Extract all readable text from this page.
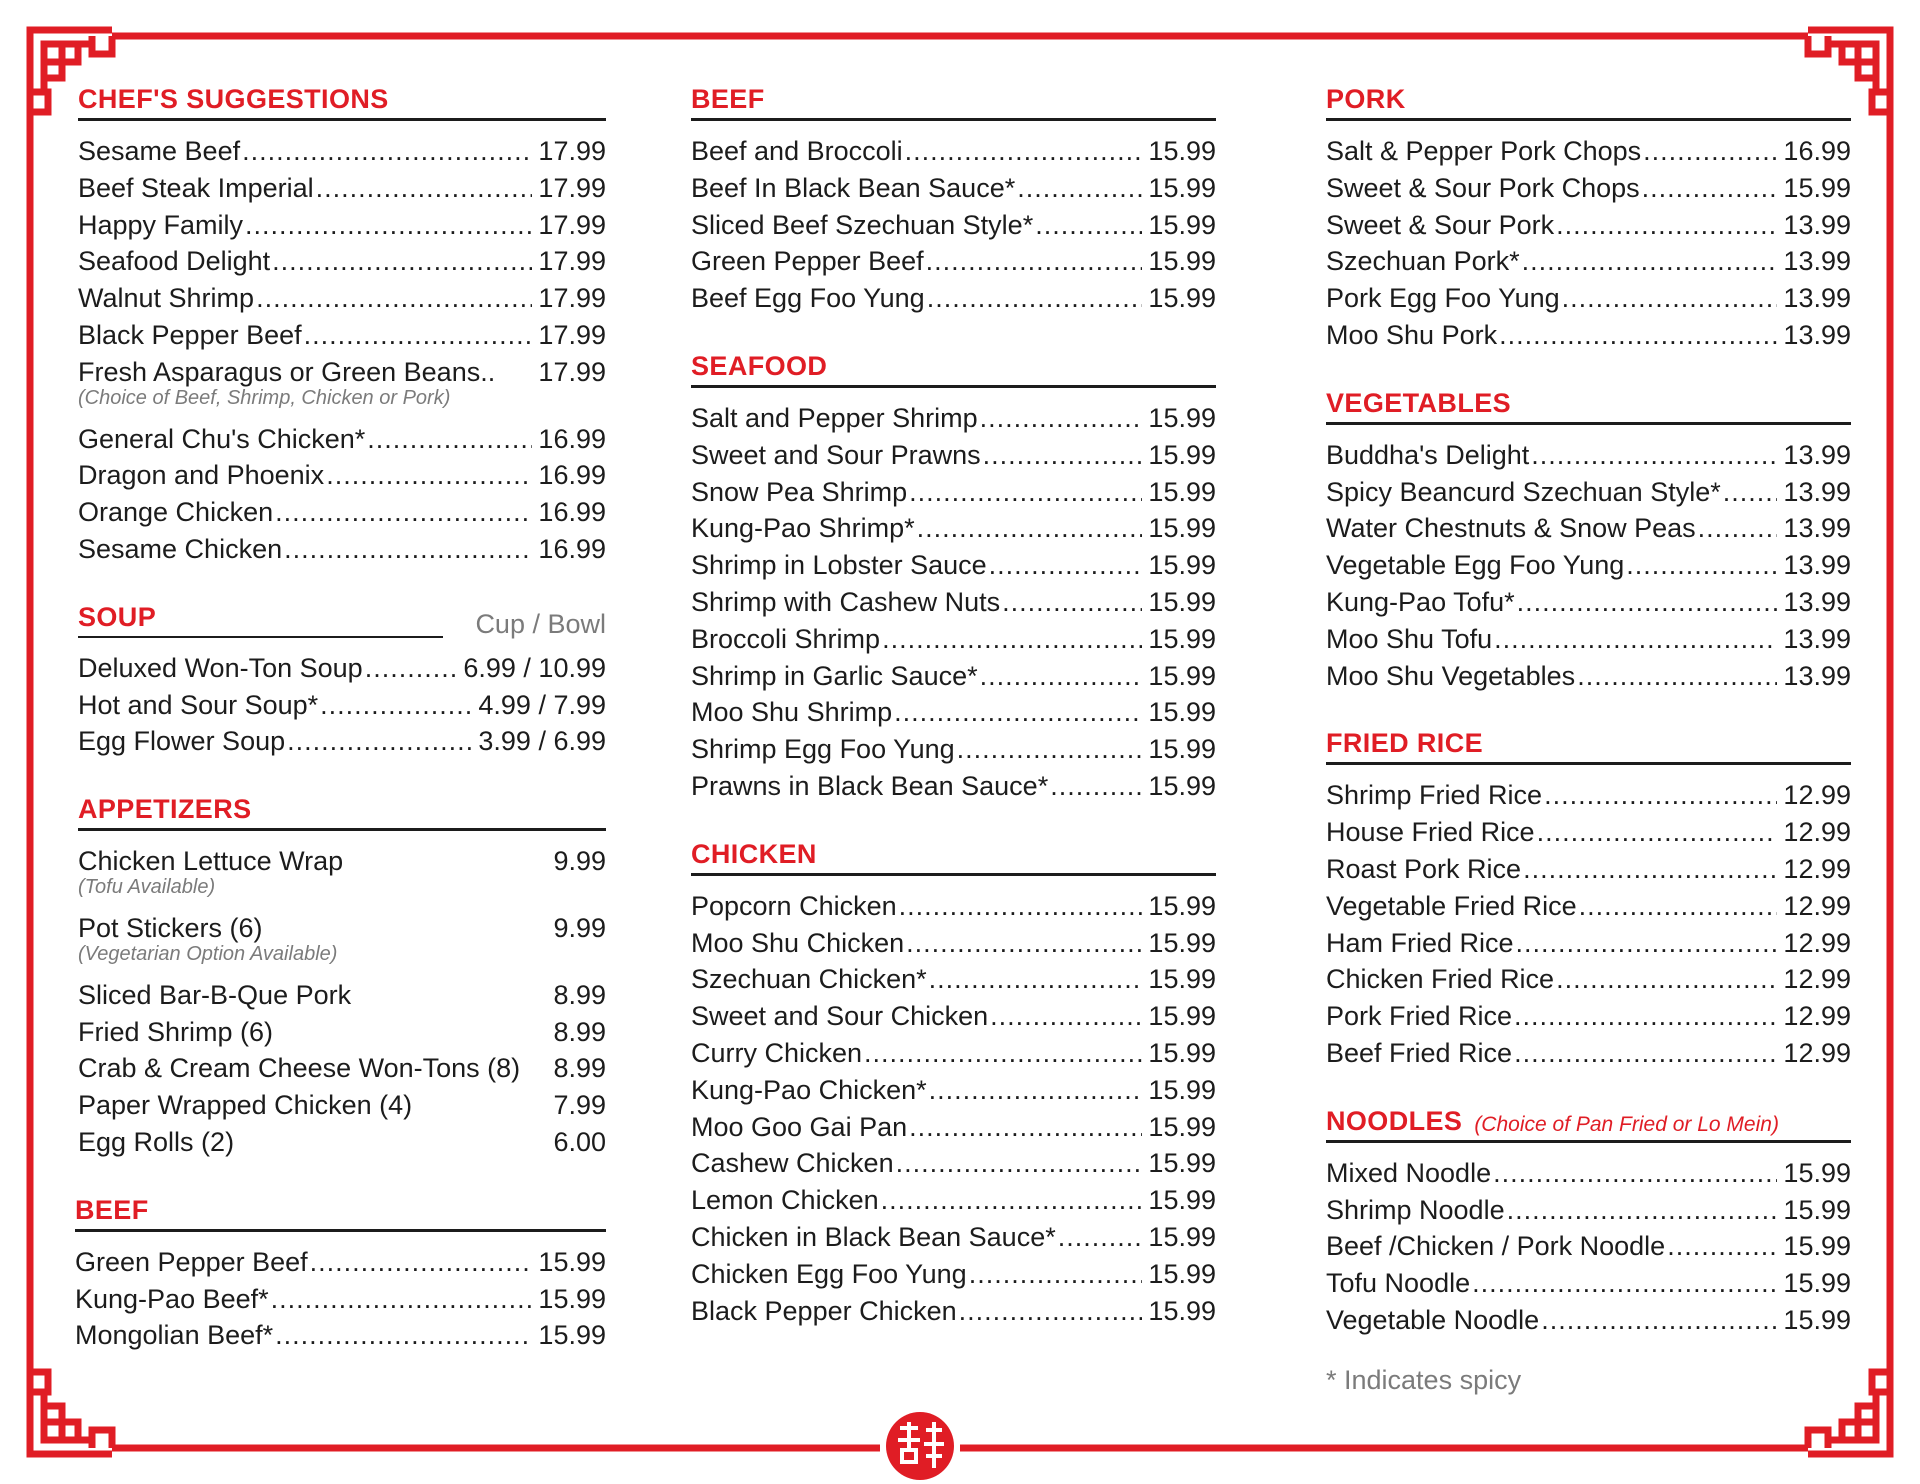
CHEF'S SUGGESTIONS
Sesame Beef .....	17.99
Beef Steak Imperial .....	17.99
Happy Family .....	17.99
Seafood Delight .....	17.99
Walnut Shrimp .....	17.99
Black Pepper Beef .....	17.99
Fresh Asparagus or Green Beans.. 17.99
(Choice of Beef, Shrimp, Chicken or Pork)
General Chu's Chicken* .....	16.99
Dragon and Phoenix .....	16.99
Orange Chicken .....	16.99
Sesame Chicken .....	16.99
SOUP	Cup / Bowl
Deluxed Won-Ton Soup .....	6.99 / 10.99
Hot and Sour Soup* .....	4.99 / 7.99
Egg Flower Soup .....	3.99 / 6.99
APPETIZERS
Chicken Lettuce Wrap	9.99
(Tofu Available)
Pot Stickers (6)	9.99
(Vegetarian Option Available)
Sliced Bar-B-Que Pork	8.99
Fried Shrimp (6)	8.99
Crab & Cream Cheese Won-Tons (8) 8.99
Paper Wrapped Chicken (4)	7.99
Egg Rolls (2)	6.00
BEEF
Green Pepper Beef .....	15.99
Kung-Pao Beef* .....	15.99
Mongolian Beef* .....	15.99
BEEF
Beef and Broccoli .....	15.99
Beef In Black Bean Sauce* .....	15.99
Sliced Beef Szechuan Style* .....	15.99
Green Pepper Beef .....	15.99
Beef Egg Foo Yung .....	15.99
SEAFOOD
Salt and Pepper Shrimp .....	15.99
Sweet and Sour Prawns .....	15.99
Snow Pea Shrimp .....	15.99
Kung-Pao Shrimp* .....	15.99
Shrimp in Lobster Sauce .....	15.99
Shrimp with Cashew Nuts .....	15.99
Broccoli Shrimp .....	15.99
Shrimp in Garlic Sauce* .....	15.99
Moo Shu Shrimp .....	15.99
Shrimp Egg Foo Yung .....	15.99
Prawns in Black Bean Sauce* .....	15.99
CHICKEN
Popcorn Chicken .....	15.99
Moo Shu Chicken .....	15.99
Szechuan Chicken* .....	15.99
Sweet and Sour Chicken .....	15.99
Curry Chicken .....	15.99
Kung-Pao Chicken* .....	15.99
Moo Goo Gai Pan .....	15.99
Cashew Chicken .....	15.99
Lemon Chicken .....	15.99
Chicken in Black Bean Sauce* .....	15.99
Chicken Egg Foo Yung .....	15.99
Black Pepper Chicken .....	15.99
PORK
Salt & Pepper Pork Chops .....	16.99
Sweet & Sour Pork Chops .....	15.99
Sweet & Sour Pork .....	13.99
Szechuan Pork* .....	13.99
Pork Egg Foo Yung .....	13.99
Moo Shu Pork .....	13.99
VEGETABLES
Buddha's Delight .....	13.99
Spicy Beancurd Szechuan Style* ..... 13.99
Water Chestnuts & Snow Peas .....	13.99
Vegetable Egg Foo Yung .....	13.99
Kung-Pao Tofu* .....	13.99
Moo Shu Tofu .....	13.99
Moo Shu Vegetables .....	13.99
FRIED RICE
Shrimp Fried Rice .....	12.99
House Fried Rice .....	12.99
Roast Pork Rice .....	12.99
Vegetable Fried Rice .....	12.99
Ham Fried Rice .....	12.99
Chicken Fried Rice .....	12.99
Pork Fried Rice .....	12.99
Beef Fried Rice .....	12.99
NOODLES (Choice of Pan Fried or Lo Mein)
Mixed Noodle .....	15.99
Shrimp Noodle .....	15.99
Beef /Chicken / Pork Noodle .....	15.99
Tofu Noodle .....	15.99
Vegetable Noodle .....	15.99
* Indicates spicy
